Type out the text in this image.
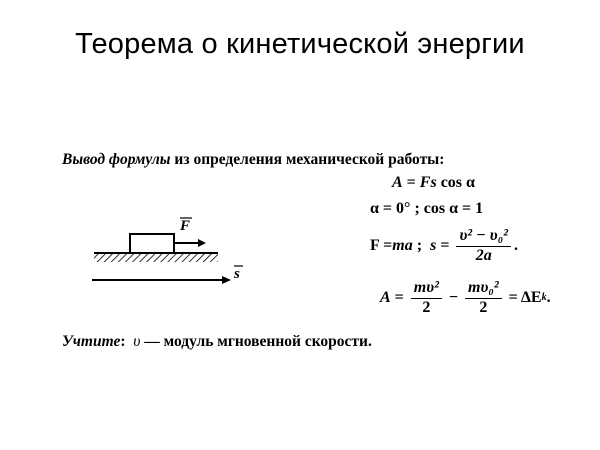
Теорема о кинетической энергии
Вывод формулы из определения механической работы:
A = Fs cos α
α = 0° ; cos α = 1
F = ma ; $s = \frac{\text{υ² − υ₀²}}{2a}$ .
$A = \frac{\text{mυ²}}{2} - \frac{\text{mυ₀²}}{2} = \Delta E$ k .
F
s
Учтите:  υ — модуль мгновенной скорости.
